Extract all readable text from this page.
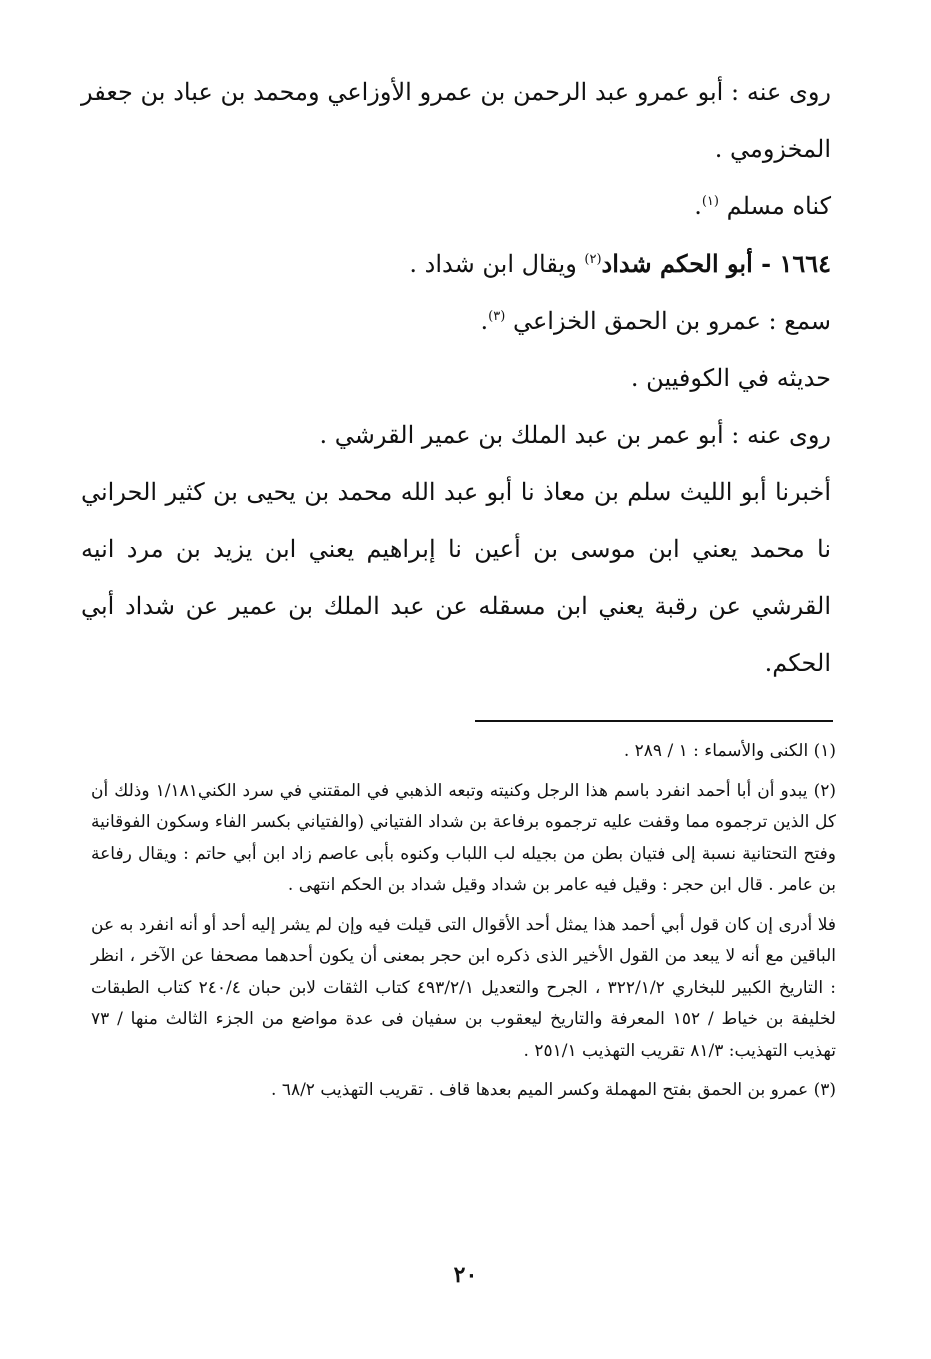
روى عنه : أبو عمرو عبد الرحمن بن عمرو الأوزاعي ومحمد بن عباد بن جعفر المخزومي .

كناه مسلم $^{(١)}$.

١٦٦٤ - أبو الحكم شداد$^{(٢)}$ ويقال ابن شداد .

سمع : عمرو بن الحمق الخزاعي $^{(٣)}$.

حديثه في الكوفيين .

روى عنه : أبو عمر بن عبد الملك بن عمير القرشي .

أخبرنا أبو الليث سلم بن معاذ نا أبو عبد الله محمد بن يحيى بن كثير الحراني نا محمد يعني ابن موسى بن أعين نا إبراهيم يعني ابن يزيد بن مرد انيه القرشي عن رقبة يعني ابن مسقله عن عبد الملك بن عمير عن شداد أبي الحكم.

(١) الكنى والأسماء : ١ / ٢٨٩ .

(٢) يبدو أن أبا أحمد انفرد باسم هذا الرجل وكنيته وتبعه الذهبي في المقتني في سرد الكني١/١٨١ وذلك أن كل الذين ترجموه مما وقفت عليه ترجموه برفاعة بن شداد الفتياني (والفتياني بكسر الفاء وسكون الفوقانية وفتح التحتانية نسبة إلى فتيان بطن من بجيله لب اللباب وكنوه بأبى عاصم زاد ابن أبي حاتم : ويقال رفاعة بن عامر . قال ابن حجر : وقيل فيه عامر بن شداد وقيل شداد بن الحكم انتهى .

فلا أدرى إن كان قول أبي أحمد هذا يمثل أحد الأقوال التى قيلت فيه وإن لم يشر إليه أحد أو أنه انفرد به عن الباقين مع أنه لا يبعد من القول الأخير الذى ذكره ابن حجر بمعنى أن يكون أحدهما مصحفا عن الآخر ، انظر : التاريخ الكبير للبخاري ٣٢٢/١/٢ ، الجرح والتعديل ٤٩٣/٢/١ كتاب الثقات لابن حبان ٢٤٠/٤ كتاب الطبقات لخليفة بن خياط / ١٥٢ المعرفة والتاريخ ليعقوب بن سفيان فى عدة مواضع من الجزء الثالث منها / ٧٣ تهذيب التهذيب: ٨١/٣ تقريب التهذيب ٢٥١/١ .

(٣) عمرو بن الحمق بفتح المهملة وكسر الميم بعدها قاف . تقريب التهذيب ٦٨/٢ .

٢٠
